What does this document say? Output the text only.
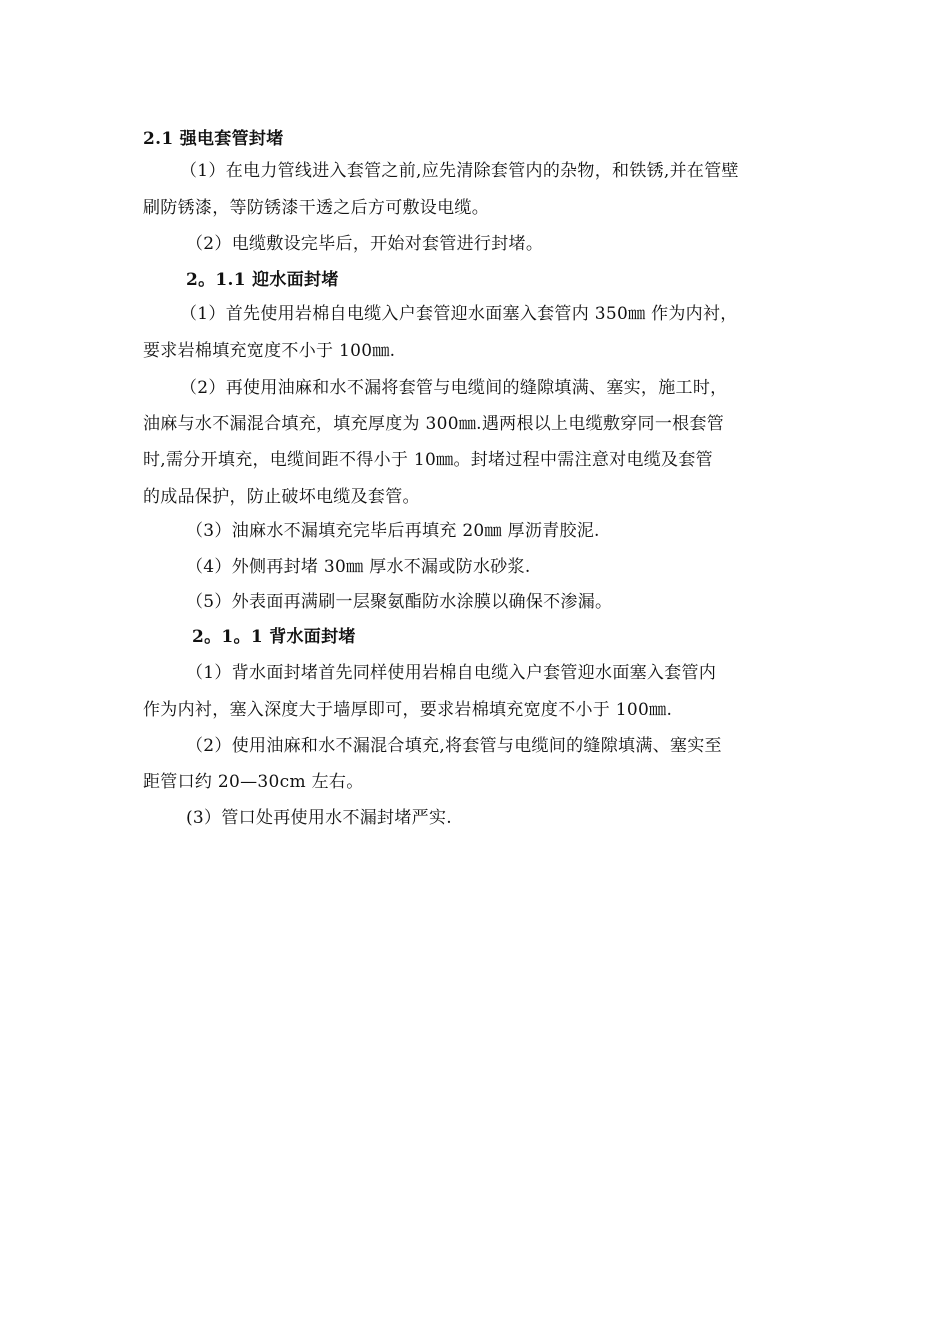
2.1 强电套管封堵
（1）在电力管线进入套管之前,应先清除套管内的杂物，和铁锈,并在管壁
刷防锈漆，等防锈漆干透之后方可敷设电缆。
（2）电缆敷设完毕后，开始对套管进行封堵。
2。1.1 迎水面封堵
（1）首先使用岩棉自电缆入户套管迎水面塞入套管内 350㎜ 作为内衬，
要求岩棉填充宽度不小于 100㎜.
（2）再使用油麻和水不漏将套管与电缆间的缝隙填满、塞实，施工时，
油麻与水不漏混合填充，填充厚度为 300㎜.遇两根以上电缆敷穿同一根套管
时,需分开填充，电缆间距不得小于 10㎜。封堵过程中需注意对电缆及套管
的成品保护，防止破坏电缆及套管。
（3）油麻水不漏填充完毕后再填充 20㎜ 厚沥青胶泥.
（4）外侧再封堵 30㎜ 厚水不漏或防水砂浆.
（5）外表面再满刷一层聚氨酯防水涂膜以确保不渗漏。
2。1。1 背水面封堵
（1）背水面封堵首先同样使用岩棉自电缆入户套管迎水面塞入套管内
作为内衬，塞入深度大于墙厚即可，要求岩棉填充宽度不小于 100㎜.
（2）使用油麻和水不漏混合填充,将套管与电缆间的缝隙填满、塞实至
距管口约 20—30cm 左右。
(3）管口处再使用水不漏封堵严实.
